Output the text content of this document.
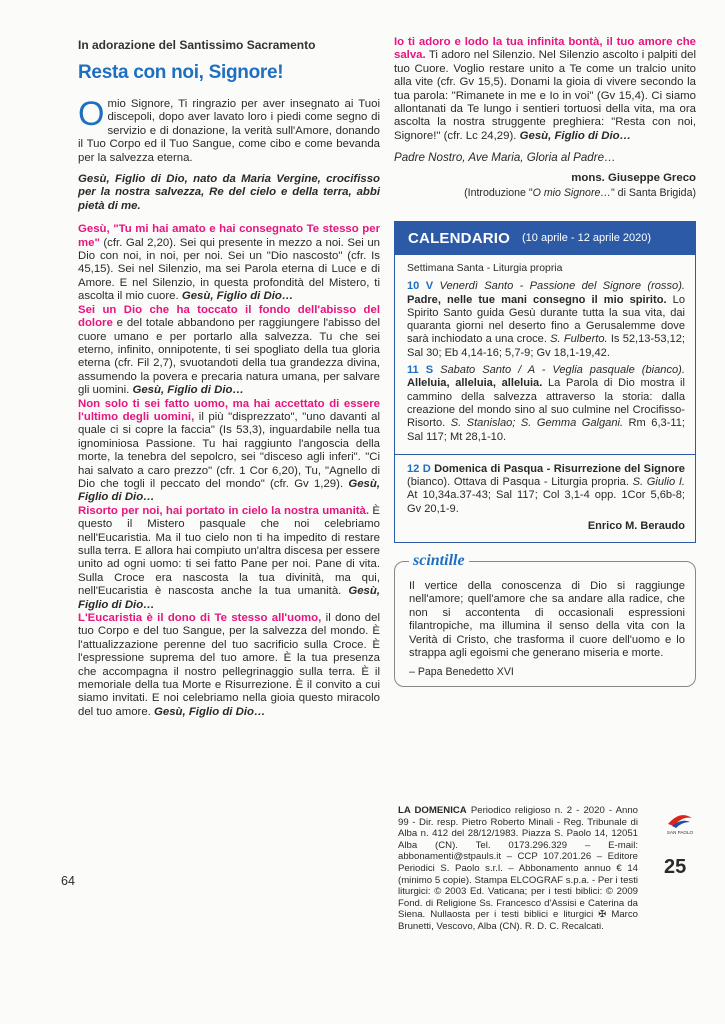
In adorazione del Santissimo Sacramento
Resta con noi, Signore!

Omio Signore, Ti ringrazio per aver insegnato ai Tuoi discepoli, dopo aver lavato loro i piedi come segno di servizio e di donazione, la verità sull'Amore, donando il Tuo Corpo ed il Tuo Sangue, come cibo e come bevanda per la salvezza eterna.

Gesù, Figlio di Dio, nato da Maria Vergine, crocifisso per la nostra salvezza, Re del cielo e della terra, abbi pietà di me.

Gesù, "Tu mi hai amato e hai consegnato Te stesso per me" (cfr. Gal 2,20). Sei qui presente in mezzo a noi. Sei un Dio con noi, in noi, per noi. Sei un "Dio nascosto" (cfr. Is 45,15). Sei nel Silenzio, ma sei Parola eterna di Luce e di Amore. E nel Silenzio, in questa profondità del Mistero, ti ascolta il mio cuore. Gesù, Figlio di Dio…

Sei un Dio che ha toccato il fondo dell'abisso del dolore e del totale abbandono per raggiungere l'abisso del cuore umano e per portarlo alla salvezza. Tu che sei eterno, infinito, onnipotente, ti sei spogliato della tua gloria eterna (cfr. Fil 2,7), svuotandoti della tua grandezza divina, assumendo la povera e precaria natura umana, per salvare gli uomini. Gesù, Figlio di Dio…

Non solo ti sei fatto uomo, ma hai accettato di essere l'ultimo degli uomini, il più "disprezzato", "uno davanti al quale ci si copre la faccia" (Is 53,3), inguardabile nella tua ignominiosa Passione. Tu hai raggiunto l'angoscia della morte, la tenebra del sepolcro, sei "disceso agli inferi". "Ci hai salvato a caro prezzo" (cfr. 1 Cor 6,20), Tu, "Agnello di Dio che togli il peccato del mondo" (cfr. Gv 1,29). Gesù, Figlio di Dio…

Risorto per noi, hai portato in cielo la nostra umanità. È questo il Mistero pasquale che noi celebriamo nell'Eucaristia. Ma il tuo cielo non ti ha impedito di restare sulla terra. E allora hai compiuto un'altra discesa per essere unito ad ogni uomo: ti sei fatto Pane per noi. Pane di vita. Sulla Croce era nascosta la tua divinità, ma qui, nell'Eucaristia è nascosta anche la tua umanità. Gesù, Figlio di Dio…

L'Eucaristia è il dono di Te stesso all'uomo, il dono del tuo Corpo e del tuo Sangue, per la salvezza del mondo. È l'attualizzazione perenne del tuo sacrificio sulla Croce. È l'espressione suprema del tuo amore. È la tua presenza che accompagna il nostro pellegrinaggio sulla terra. È il memoriale della tua Morte e Risurrezione. È il convito a cui siamo invitati. E noi celebriamo nella gioia questo miracolo del tuo amore. Gesù, Figlio di Dio…

Io ti adoro e lodo la tua infinita bontà, il tuo amore che salva. Ti adoro nel Silenzio. Nel Silenzio ascolto i palpiti del tuo Cuore. Voglio restare unito a Te come un tralcio unito alla vite (cfr. Gv 15,5). Donami la gioia di vivere secondo la tua parola: "Rimanete in me e Io in voi" (Gv 15,4). Ci siamo allontanati da Te lungo i sentieri tortuosi della vita, ma ora ascolta la nostra struggente preghiera: "Resta con noi, Signore!" (cfr. Lc 24,29). Gesù, Figlio di Dio…

Padre Nostro, Ave Maria, Gloria al Padre…
mons. Giuseppe Greco
(Introduzione "O mio Signore…" di Santa Brigida)
CALENDARIO (10 aprile - 12 aprile 2020)
Settimana Santa - Liturgia propria
10 V Venerdì Santo - Passione del Signore (rosso). Padre, nelle tue mani consegno il mio spirito. Lo Spirito Santo guida Gesù durante tutta la sua vita, dai quaranta giorni nel deserto fino a Gerusalemme dove sarà inchiodato a una croce. S. Fulberto. Is 52,13-53,12; Sal 30; Eb 4,14-16; 5,7-9; Gv 18,1-19,42.
11 S Sabato Santo / A - Veglia pasquale (bianco). Alleluia, alleluia, alleluia. La Parola di Dio mostra il cammino della salvezza attraverso la storia: dalla creazione del mondo sino al suo culmine nel Crocifisso-Risorto. S. Stanislao; S. Gemma Galgani. Rm 6,3-11; Sal 117; Mt 28,1-10.
12 D Domenica di Pasqua - Risurrezione del Signore (bianco). Ottava di Pasqua - Liturgia propria. S. Giulio I. At 10,34a.37-43; Sal 117; Col 3,1-4 opp. 1Cor 5,6b-8; Gv 20,1-9.
Enrico M. Beraudo
scintille
Il vertice della conoscenza di Dio si raggiunge nell'amore; quell'amore che sa andare alla radice, che non si accontenta di occasionali espressioni filantropiche, ma illumina il senso della vita con la Verità di Cristo, che trasforma il cuore dell'uomo e lo strappa agli egoismi che generano miseria e morte.
– Papa Benedetto XVI
LA DOMENICA Periodico religioso n. 2 - 2020 - Anno 99 - Dir. resp. Pietro Roberto Minali - Reg. Tribunale di Alba n. 412 del 28/12/1983. Piazza S. Paolo 14, 12051 Alba (CN). Tel. 0173.296.329 – E-mail: abbonamenti@stpauls.it – CCP 107.201.26 – Editore Periodici S. Paolo s.r.l. – Abbonamento annuo € 14 (minimo 5 copie). Stampa ELCOGRAF s.p.a. - Per i testi liturgici: © 2003 Ed. Vaticana; per i testi biblici: © 2009 Fond. di Religione Ss. Francesco d'Assisi e Caterina da Siena. Nullaosta per i testi biblici e liturgici ✠ Marco Brunetti, Vescovo, Alba (CN). R. D. C. Recalcati.
SAN PAOLO
64
25
